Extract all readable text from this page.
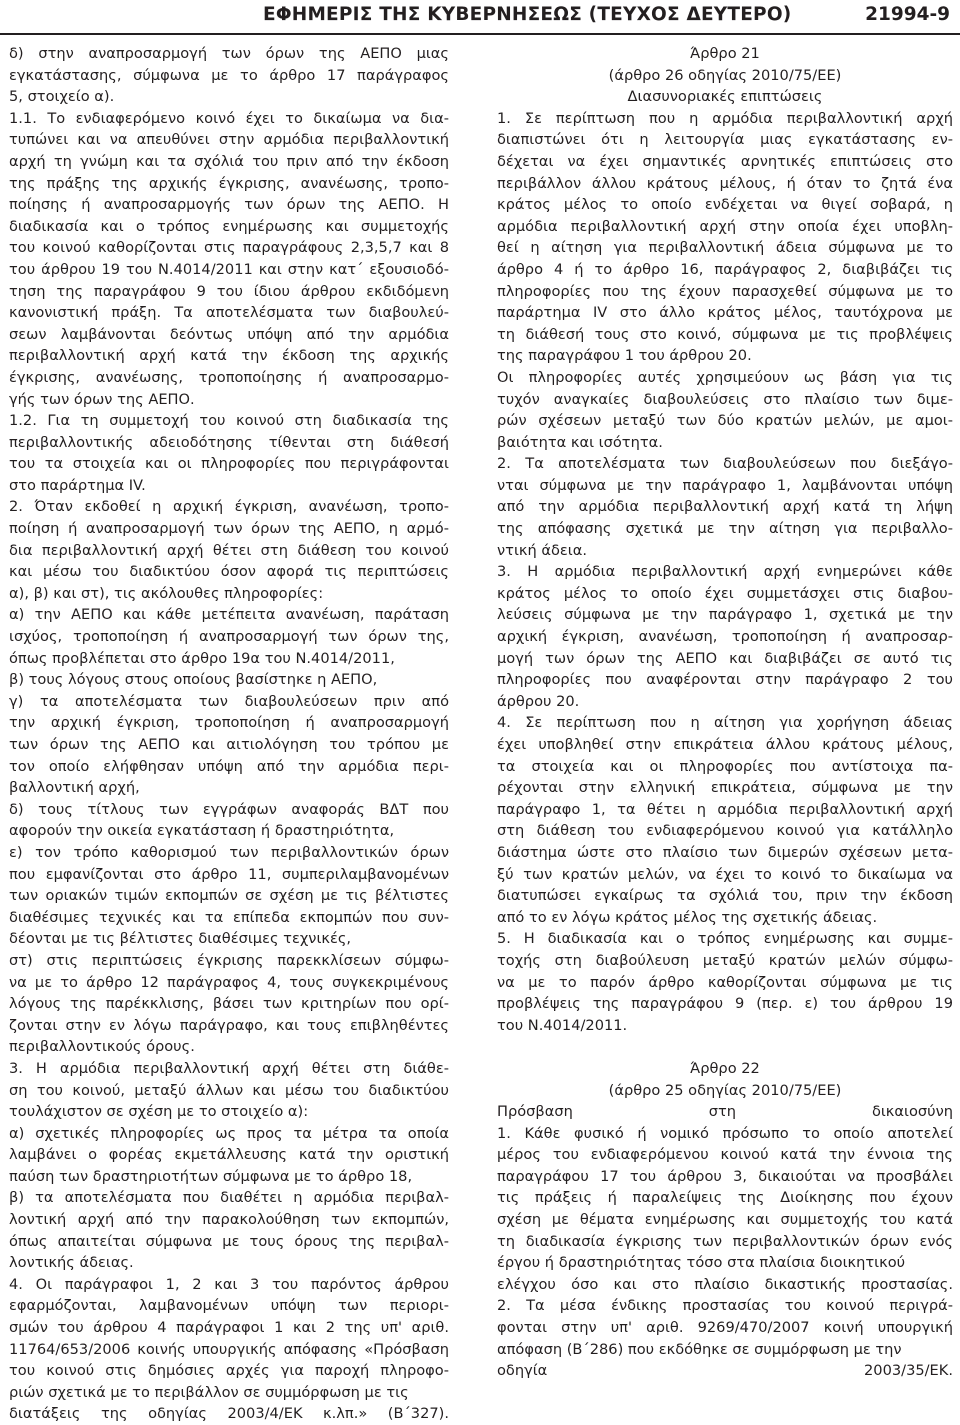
ΕΦΗΜΕΡΙΣ ΤΗΣ ΚΥΒΕΡΝΗΣΕΩΣ (ΤΕΥΧΟΣ ΔΕΥΤΕΡΟ)	21994-9
δ) στην αναπροσαρμογή των όρων της ΑΕΠΟ μιας
εγκατάστασης, σύμφωνα με το άρθρο 17 παράγραφος
5, στοιχείο α).
1.1. Το ενδιαφερόμενο κοινό έχει το δικαίωμα να δια-
τυπώνει και να απευθύνει στην αρμόδια περιβαλλοντική
αρχή τη γνώμη και τα σχόλιά του πριν από την έκδοση
της πράξης της αρχικής έγκρισης, ανανέωσης, τροπο-
ποίησης ή αναπροσαρμογής των όρων της ΑΕΠΟ. Η
διαδικασία και ο τρόπος ενημέρωσης και συμμετοχής
του κοινού καθορίζονται στις παραγράφους 2,3,5,7 και 8
του άρθρου 19 του Ν.4014/2011 και στην κατ΄ εξουσιοδό-
τηση της παραγράφου 9 του ίδιου άρθρου εκδιδόμενη
κανονιστική πράξη. Τα αποτελέσματα των διαβουλεύ-
σεων λαμβάνονται δεόντως υπόψη από την αρμόδια
περιβαλλοντική αρχή κατά την έκδοση της αρχικής
έγκρισης, ανανέωσης, τροποποίησης ή αναπροσαρμο-
γής των όρων της ΑΕΠΟ.
1.2. Για τη συμμετοχή του κοινού στη διαδικασία της
περιβαλλοντικής αδειοδότησης τίθενται στη διάθεσή
του τα στοιχεία και οι πληροφορίες που περιγράφονται
στο παράρτημα IV.
2. Όταν εκδοθεί η αρχική έγκριση, ανανέωση, τροπο-
ποίηση ή αναπροσαρμογή των όρων της ΑΕΠΟ, η αρμό-
δια περιβαλλοντική αρχή θέτει στη διάθεση του κοινού
και μέσω του διαδικτύου όσον αφορά τις περιπτώσεις
α), β) και στ), τις ακόλουθες πληροφορίες:
α) την ΑΕΠΟ και κάθε μετέπειτα ανανέωση, παράταση
ισχύος, τροποποίηση ή αναπροσαρμογή των όρων της,
όπως προβλέπεται στο άρθρο 19α του Ν.4014/2011,
β) τους λόγους στους οποίους βασίστηκε η ΑΕΠΟ,
γ) τα αποτελέσματα των διαβουλεύσεων πριν από
την αρχική έγκριση, τροποποίηση ή αναπροσαρμογή
των όρων της ΑΕΠΟ και αιτιολόγηση του τρόπου με
τον οποίο ελήφθησαν υπόψη από την αρμόδια περι-
βαλλοντική αρχή,
δ) τους τίτλους των εγγράφων αναφοράς ΒΔΤ που
αφορούν την οικεία εγκατάσταση ή δραστηριότητα,
ε) τον τρόπο καθορισμού των περιβαλλοντικών όρων
που εμφανίζονται στο άρθρο 11, συμπεριλαμβανομένων
των οριακών τιμών εκπομπών σε σχέση με τις βέλτιστες
διαθέσιμες τεχνικές και τα επίπεδα εκπομπών που συν-
δέονται με τις βέλτιστες διαθέσιμες τεχνικές,
στ) στις περιπτώσεις έγκρισης παρεκκλίσεων σύμφω-
να με το άρθρο 12 παράγραφος 4, τους συγκεκριμένους
λόγους της παρέκκλισης, βάσει των κριτηρίων που ορί-
ζονται στην εν λόγω παράγραφο, και τους επιβληθέντες
περιβαλλοντικούς όρους.
3. Η αρμόδια περιβαλλοντική αρχή θέτει στη διάθε-
ση του κοινού, μεταξύ άλλων και μέσω του διαδικτύου
τουλάχιστον σε σχέση με το στοιχείο α):
α) σχετικές πληροφορίες ως προς τα μέτρα τα οποία
λαμβάνει ο φορέας εκμετάλλευσης κατά την οριστική
παύση των δραστηριοτήτων σύμφωνα με το άρθρο 18,
β) τα αποτελέσματα που διαθέτει η αρμόδια περιβαλ-
λοντική αρχή από την παρακολούθηση των εκπομπών,
όπως απαιτείται σύμφωνα με τους όρους της περιβαλ-
λοντικής άδειας.
4. Οι παράγραφοι 1, 2 και 3 του παρόντος άρθρου
εφαρμόζονται, λαμβανομένων υπόψη των περιορι-
σμών του άρθρου 4 παράγραφοι 1 και 2 της υπ' αριθ.
11764/653/2006 κοινής υπουργικής απόφασης «Πρόσβαση
του κοινού στις δημόσιες αρχές για παροχή πληροφο-
ριών σχετικά με το περιβάλλον σε συμμόρφωση με τις
διατάξεις της οδηγίας 2003/4/ΕΚ κ.λπ.» (Β΄327).
Άρθρο 21
(άρθρο 26 οδηγίας 2010/75/ΕΕ)
Διασυνοριακές επιπτώσεις
1. Σε περίπτωση που η αρμόδια περιβαλλοντική αρχή
διαπιστώνει ότι η λειτουργία μιας εγκατάστασης εν-
δέχεται να έχει σημαντικές αρνητικές επιπτώσεις στο
περιβάλλον άλλου κράτους μέλους, ή όταν το ζητά ένα
κράτος μέλος το οποίο ενδέχεται να θιγεί σοβαρά, η
αρμόδια περιβαλλοντική αρχή στην οποία έχει υποβλη-
θεί η αίτηση για περιβαλλοντική άδεια σύμφωνα με το
άρθρο 4 ή το άρθρο 16, παράγραφος 2, διαβιβάζει τις
πληροφορίες που της έχουν παρασχεθεί σύμφωνα με το
παράρτημα IV στο άλλο κράτος μέλος, ταυτόχρονα με
τη διάθεσή τους στο κοινό, σύμφωνα με τις προβλέψεις
της παραγράφου 1 του άρθρου 20.
Οι πληροφορίες αυτές χρησιμεύουν ως βάση για τις
τυχόν αναγκαίες διαβουλεύσεις στο πλαίσιο των διμε-
ρών σχέσεων μεταξύ των δύο κρατών μελών, με αμοι-
βαιότητα και ισότητα.
2. Τα αποτελέσματα των διαβουλεύσεων που διεξάγο-
νται σύμφωνα με την παράγραφο 1, λαμβάνονται υπόψη
από την αρμόδια περιβαλλοντική αρχή κατά τη λήψη
της απόφασης σχετικά με την αίτηση για περιβαλλο-
ντική άδεια.
3. Η αρμόδια περιβαλλοντική αρχή ενημερώνει κάθε
κράτος μέλος το οποίο έχει συμμετάσχει στις διαβου-
λεύσεις σύμφωνα με την παράγραφο 1, σχετικά με την
αρχική έγκριση, ανανέωση, τροποποίηση ή αναπροσαρ-
μογή των όρων της ΑΕΠΟ και διαβιβάζει σε αυτό τις
πληροφορίες που αναφέρονται στην παράγραφο 2 του
άρθρου 20.
4. Σε περίπτωση που η αίτηση για χορήγηση άδειας
έχει υποβληθεί στην επικράτεια άλλου κράτους μέλους,
τα στοιχεία και οι πληροφορίες που αντίστοιχα πα-
ρέχονται στην ελληνική επικράτεια, σύμφωνα με την
παράγραφο 1, τα θέτει η αρμόδια περιβαλλοντική αρχή
στη διάθεση του ενδιαφερόμενου κοινού για κατάλληλο
διάστημα ώστε στο πλαίσιο των διμερών σχέσεων μετα-
ξύ των κρατών μελών, να έχει το κοινό το δικαίωμα να
διατυπώσει εγκαίρως τα σχόλιά του, πριν την έκδοση
από το εν λόγω κράτος μέλος της σχετικής άδειας.
5. Η διαδικασία και ο τρόπος ενημέρωσης και συμμε-
τοχής στη διαβούλευση μεταξύ κρατών μελών σύμφω-
να με το παρόν άρθρο καθορίζονται σύμφωνα με τις
προβλέψεις της παραγράφου 9 (περ. ε) του άρθρου 19
του Ν.4014/2011.
Άρθρο 22
(άρθρο 25 οδηγίας 2010/75/ΕΕ)
Πρόσβαση στη δικαιοσύνη
1. Κάθε φυσικό ή νομικό πρόσωπο το οποίο αποτελεί
μέρος του ενδιαφερόμενου κοινού κατά την έννοια της
παραγράφου 17 του άρθρου 3, δικαιούται να προσβάλει
τις πράξεις ή παραλείψεις της Διοίκησης που έχουν
σχέση με θέματα ενημέρωσης και συμμετοχής του κατά
τη διαδικασία έγκρισης των περιβαλλοντικών όρων ενός
έργου ή δραστηριότητας τόσο στα πλαίσια διοικητικού
ελέγχου όσο και στο πλαίσιο δικαστικής προστασίας.
2. Τα μέσα ένδικης προστασίας του κοινού περιγρά-
φονται στην υπ' αριθ. 9269/470/2007 κοινή υπουργική
απόφαση (Β΄286) που εκδόθηκε σε συμμόρφωση με την
οδηγία 2003/35/ΕΚ.
